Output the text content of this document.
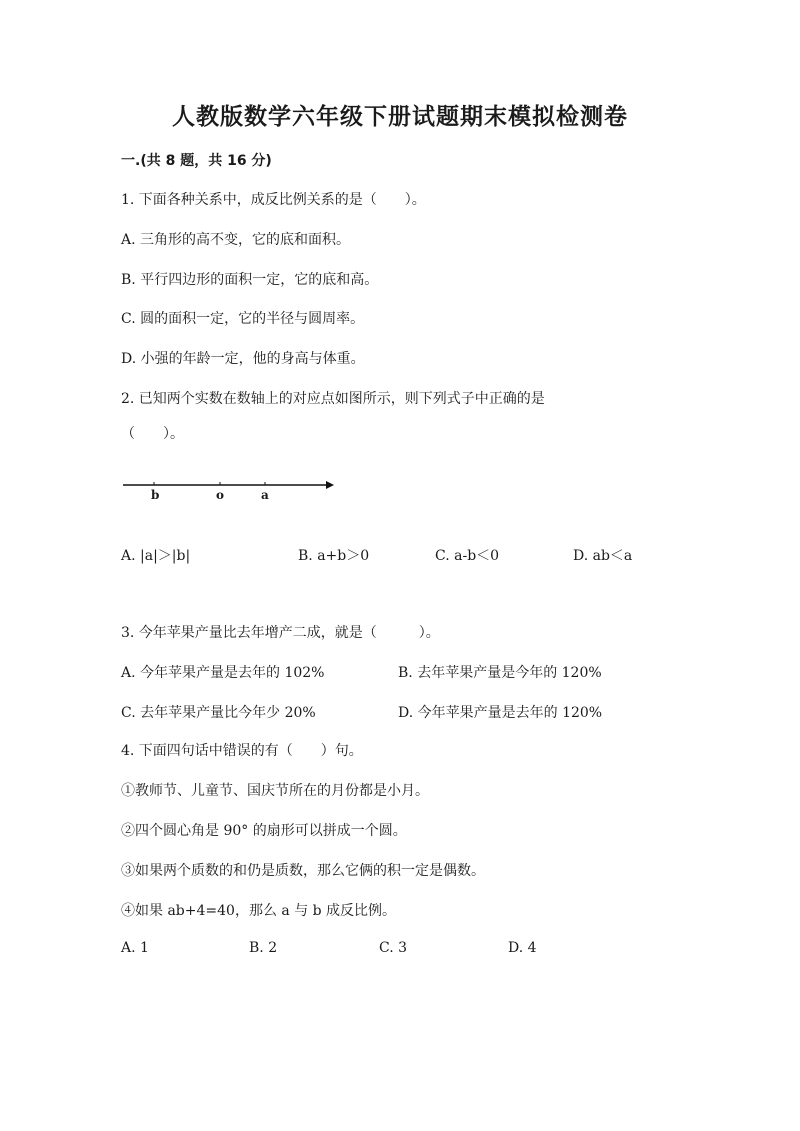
人教版数学六年级下册试题期末模拟检测卷
一.(共 8 题，共 16 分)
1. 下面各种关系中，成反比例关系的是（　　）。
A. 三角形的高不变，它的底和面积。
B. 平行四边形的面积一定，它的底和高。
C. 圆的面积一定，它的半径与圆周率。
D. 小强的年龄一定，他的身高与体重。
2. 已知两个实数在数轴上的对应点如图所示，则下列式子中正确的是
（　　）。
b	o	a
A. |a|＞|b|	B. a+b＞0	C. a-b＜0	D. ab＜a
3. 今年苹果产量比去年增产二成，就是（　　　）。
A. 今年苹果产量是去年的 102%	B. 去年苹果产量是今年的 120%
C. 去年苹果产量比今年少 20%	D. 今年苹果产量是去年的 120%
4. 下面四句话中错误的有（　　）句。
①教师节、儿童节、国庆节所在的月份都是小月。
②四个圆心角是 90° 的扇形可以拼成一个圆。
③如果两个质数的和仍是质数，那么它俩的积一定是偶数。
④如果 ab+4=40，那么 a 与 b 成反比例。
A. 1	B. 2	C. 3	D. 4
